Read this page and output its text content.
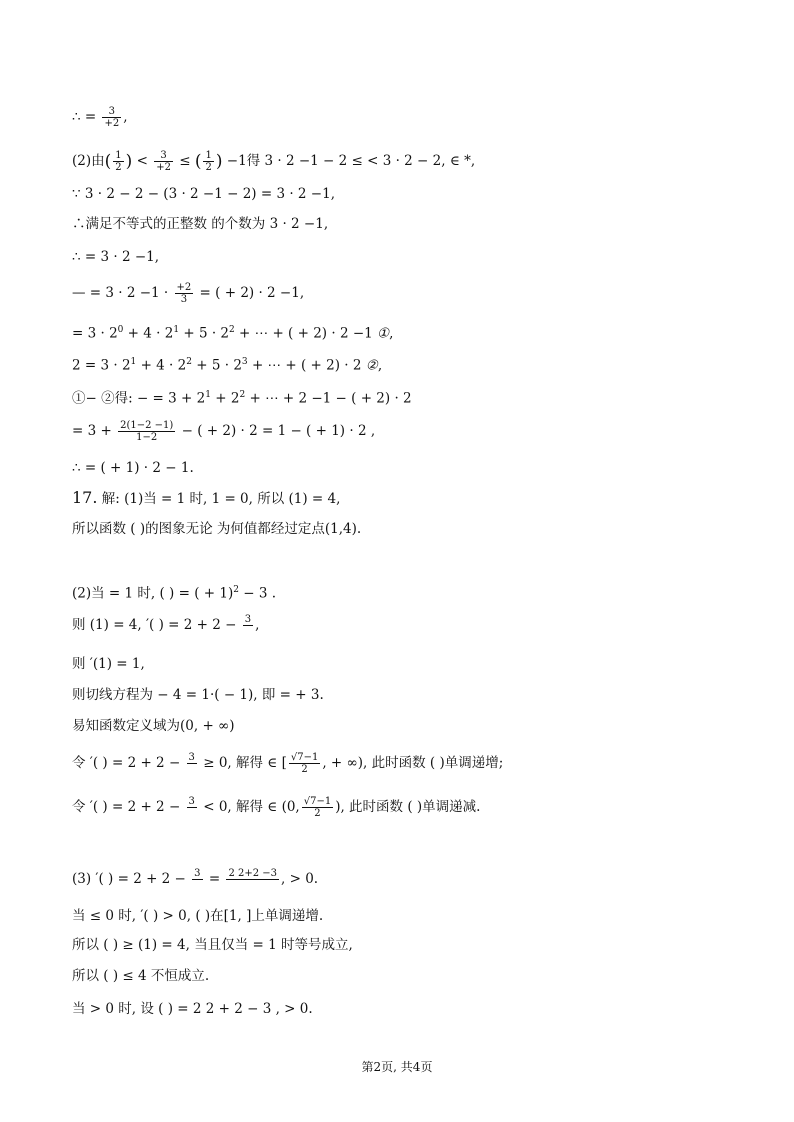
∴ = $\frac{3}{+2}$ ,
(2)由( $\frac{1}{2}$ ) < $\frac{3}{+2}$ ≤ ( $\frac{1}{2}$ ) −1得 3 · 2 −1 − 2 ≤ < 3 · 2 − 2, ∈ *,
∵ 3 · 2 − 2 − (3 · 2 −1 − 2) = 3 · 2 −1,
∴满足不等式的正整数 的个数为 3 · 2 −1,
∴ = 3 · 2 −1,
— = $3 \cdot 2 -1 \cdot \frac{+2}{3}$ = ( + 2) · 2 −1,
= $3 \cdot 2^0 + 4 \cdot 2^1 + 5 \cdot 2^2$ + ⋯ + ( + 2) · 2 −1 ①,
$2 = 3 \cdot 2^1 + 4 \cdot 2^2 + 5 \cdot 2^3$ + ⋯ + ( + 2) · 2 ②,
①− ②得: − = $3 + 2^1 + 2^2$ + ⋯ + 2 −1 − ( + 2) · 2
= $3 + \frac{2(1-2 -1)}{1-2}$ − ( + 2) · 2 = 1 − ( + 1) · 2 ,
∴ = ( + 1) · 2 − 1.
17. 解: (1)当 = 1 时, 1 = 0, 所以 (1) = 4,
所以函数 ( )的图象无论 为何值都经过定点(1,4).
(2)当 = 1 时, ( ) = ( + 1)$^2$ − 3 .
则 (1) = 4, ′( ) = 2 + 2 − 3
,
则 ′(1) = 1,
则切线方程为 − 4 = 1·( − 1), 即 = + 3.
易知函数定义域为(0, + ∞)
令 ′( ) = 2 + 2 − 3
≥ 0, 解得 ∈ [ $\frac{√7-1}{2}$ , + ∞), 此时函数 ( )单调递增;
令 ′( ) = 2 + 2 − 3
< 0, 解得 ∈ (0, $\frac{√7-1}{2}$ ), 此时函数 ( )单调递减.
(3) ′( ) = 2 + 2 − 3
= 2 2+2 −3
, > 0.
当 ≤ 0 时, ′( ) > 0, ( )在[1, ]上单调递增.
所以 ( ) ≥ (1) = 4, 当且仅当 = 1 时等号成立,
所以 ( ) ≤ 4 不恒成立.
当 > 0 时, 设 ( ) = 2 2 + 2 − 3 , > 0.
第2页, 共4页
